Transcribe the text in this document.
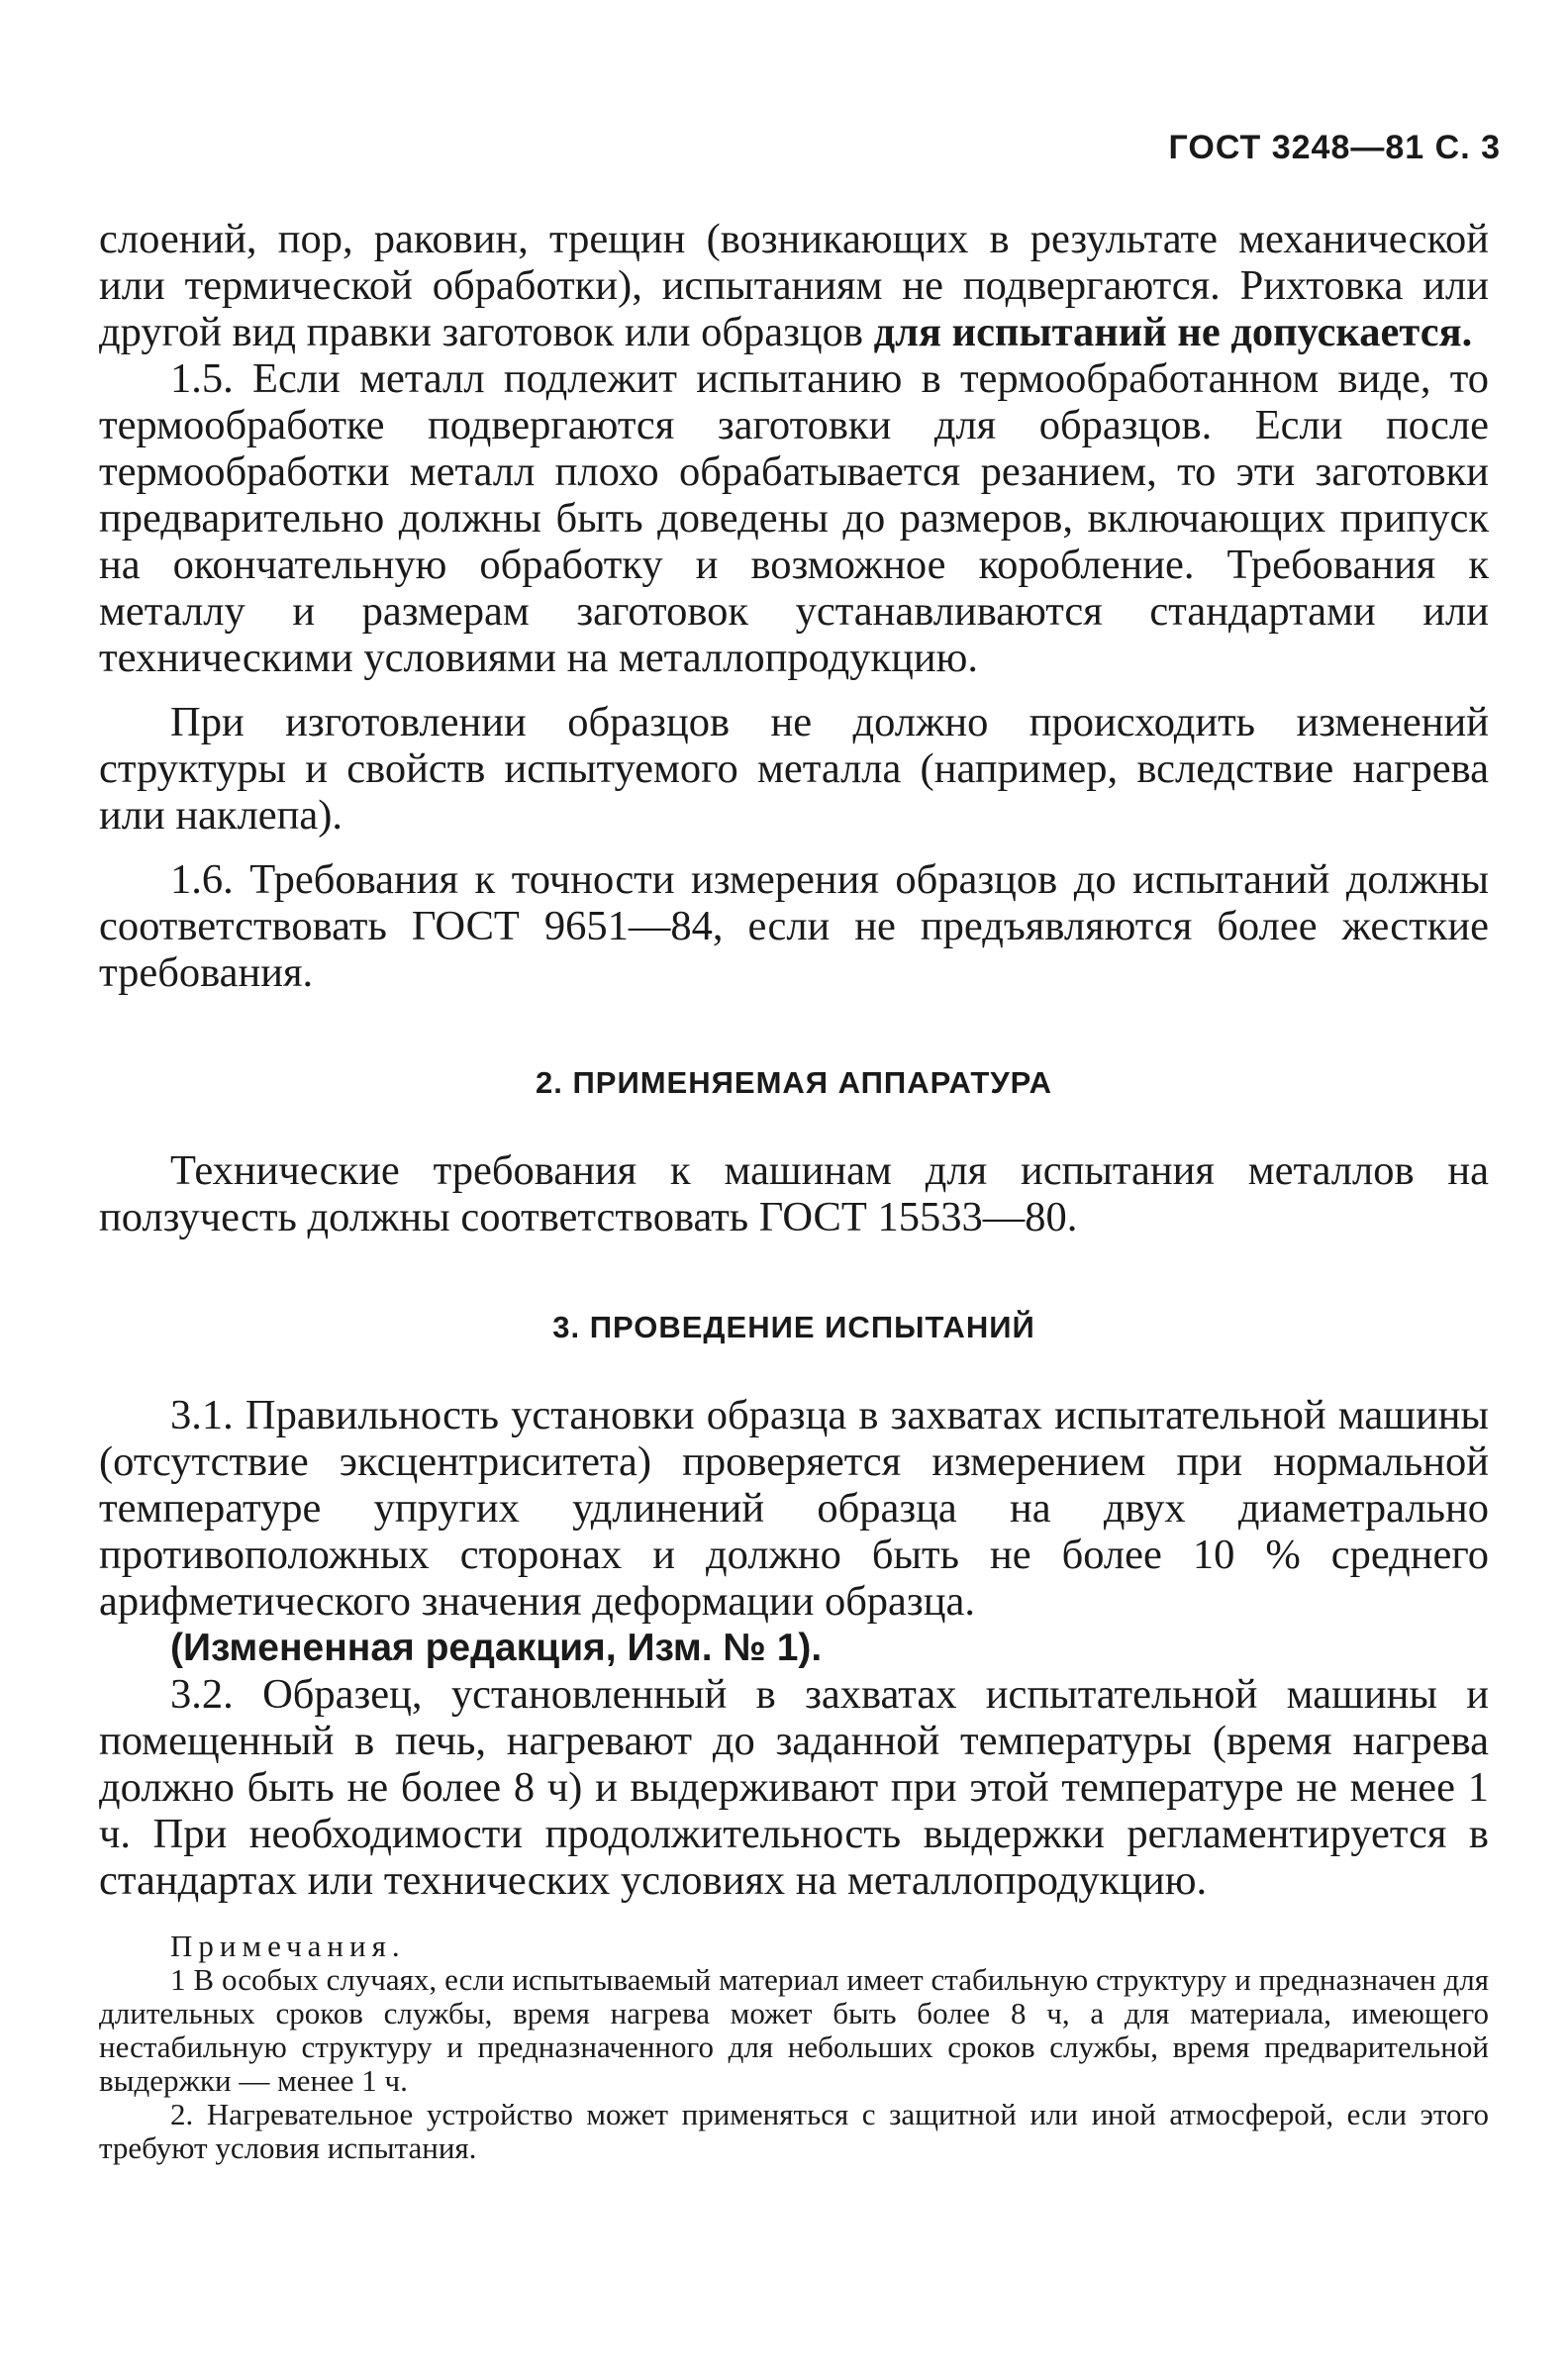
ГОСТ 3248—81 С. 3

слоений, пор, раковин, трещин (возникающих в результате механической или термической обработки), испытаниям не подвергаются. Рихтовка или другой вид правки заготовок или образцов для испытаний не допускается.

1.5. Если металл подлежит испытанию в термообработанном виде, то термообработке подвергаются заготовки для образцов. Если после термообработки металл плохо обрабатывается резанием, то эти заготовки предварительно должны быть доведены до размеров, включающих припуск на окончательную обработку и возможное коробление. Требования к металлу и размерам заготовок устанавливаются стандартами или техническими условиями на металлопродукцию.

При изготовлении образцов не должно происходить изменений структуры и свойств испытуемого металла (например, вследствие нагрева или наклепа).

1.6. Требования к точности измерения образцов до испытаний должны соответствовать ГОСТ 9651—84, если не предъявляются более жесткие требования.

2. ПРИМЕНЯЕМАЯ АППАРАТУРА

Технические требования к машинам для испытания металлов на ползучесть должны соответствовать ГОСТ 15533—80.

3. ПРОВЕДЕНИЕ ИСПЫТАНИЙ

3.1. Правильность установки образца в захватах испытательной машины (отсутствие эксцентриситета) проверяется измерением при нормальной температуре упругих удлинений образца на двух диаметрально противоположных сторонах и должно быть не более 10 % среднего арифметического значения деформации образца.

(Измененная редакция, Изм. № 1).

3.2. Образец, установленный в захватах испытательной машины и помещенный в печь, нагревают до заданной температуры (время нагрева должно быть не более 8 ч) и выдерживают при этой температуре не менее 1 ч. При необходимости продолжительность выдержки регламентируется в стандартах или технических условиях на металлопродукцию.

Примечания.

1 В особых случаях, если испытываемый материал имеет стабильную структуру и предназначен для длительных сроков службы, время нагрева может быть более 8 ч, а для материала, имеющего нестабильную структуру и предназначенного для небольших сроков службы, время предварительной выдержки — менее 1 ч.

2. Нагревательное устройство может применяться с защитной или иной атмосферой, если этого требуют условия испытания.
